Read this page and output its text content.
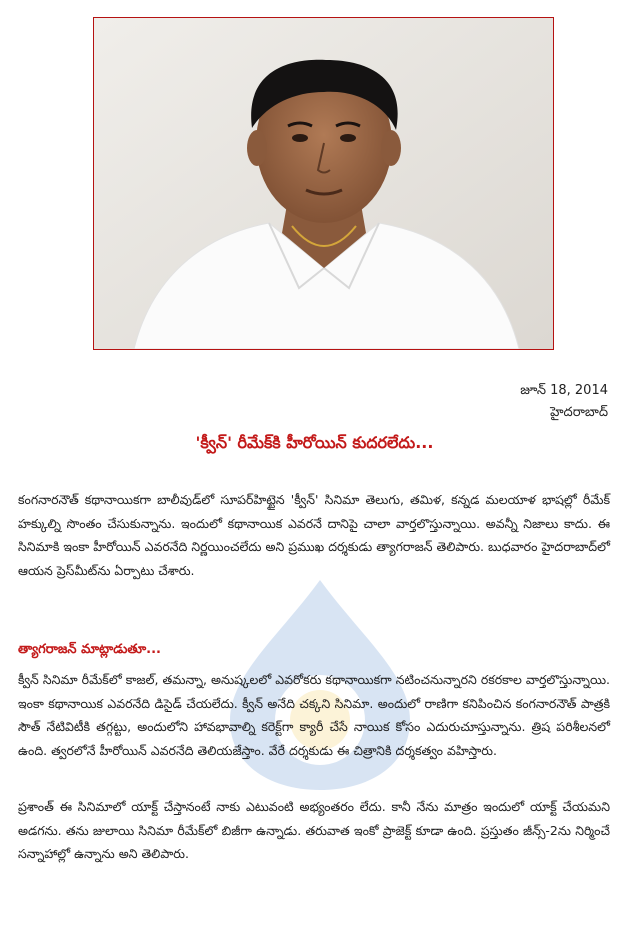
జూన్ 18, 2014
హైదరాబాద్
'క్వీన్' రీమేక్‌కి హీరోయిన్ కుదరలేదు...

కంగనారనౌత్ కథానాయికగా బాలీవుడ్‌లో సూపర్‌హిట్టైన 'క్వీన్' సినిమా తెలుగు, తమిళ, కన్నడ మలయాళ భాషల్లో రీమేక్ హక్కుల్ని సొంతం చేసుకున్నాను. ఇందులో కథానాయిక ఎవరనే దానిపై చాలా వార్తలొస్తున్నాయి. అవన్నీ నిజాలు కాదు. ఈ సినిమాకి ఇంకా హీరోయిన్ ఎవరనేది నిర్ణయించలేదు అని ప్రముఖ దర్శకుడు త్యాగరాజన్ తెలిపారు. బుధవారం హైదరాబాద్‌లో ఆయన ప్రెస్‌మీట్‌ను ఏర్పాటు చేశారు.

త్యాగరాజన్ మాట్లాడుతూ...

క్వీన్ సినిమా రీమేక్‌లో కాజల్, తమన్నా, అనుష్కలలో ఎవరోకరు కథానాయికగా నటించనున్నారని రకరకాల వార్తలొస్తున్నాయి. ఇంకా కథానాయిక ఎవరనేది డిసైడ్ చేయలేదు. క్వీన్ అనేది చక్కని సినిమా. అందులో రాణిగా కనిపించిన కంగనారనౌత్ పాత్రకి సౌత్ నేటివిటీకి తగ్గట్టు, అందులోని హావభావాల్ని కరెక్ట్‌గా క్యారీ చేసే నాయిక కోసం ఎదురుచూస్తున్నాను. త్రిష పరిశీలనలో ఉంది. త్వరలోనే హీరోయిన్ ఎవరనేది తెలియజేస్తాం. వేరే దర్శకుడు ఈ చిత్రానికి దర్శకత్వం వహిస్తారు.

ప్రశాంత్ ఈ సినిమాలో యాక్ట్ చేస్తానంటే నాకు ఎటువంటి అభ్యంతరం లేదు. కానీ నేను మాత్రం ఇందులో యాక్ట్ చేయమని అడగను. తను జులాయి సినిమా రీమేక్‌లో బిజీగా ఉన్నాడు. తరువాత ఇంకో ప్రాజెక్ట్ కూడా ఉంది. ప్రస్తుతం జీన్స్-2ను నిర్మించే సన్నాహాల్లో ఉన్నాను అని తెలిపారు.
